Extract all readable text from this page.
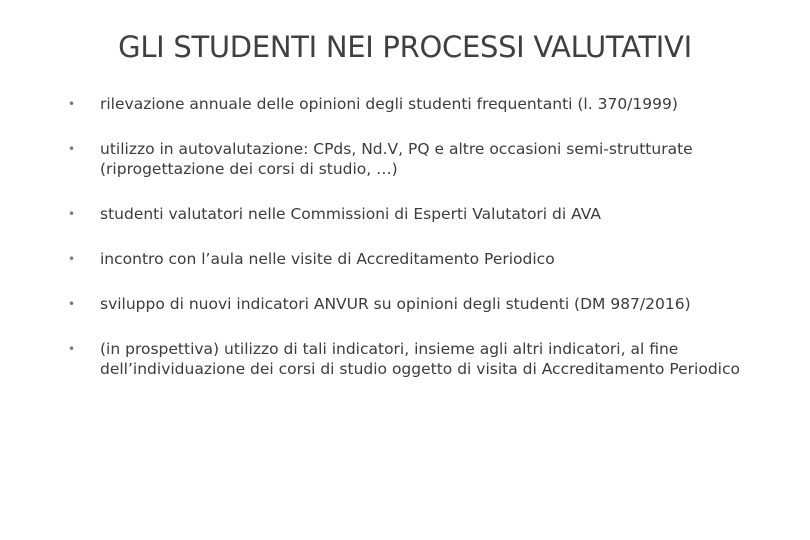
GLI STUDENTI NEI PROCESSI VALUTATIVI
• rilevazione annuale delle opinioni degli studenti frequentanti (l. 370/1999)
• utilizzo in autovalutazione: CPds, Nd.V, PQ e altre occasioni semi-strutturate (riprogettazione dei corsi di studio, …)
• studenti valutatori nelle Commissioni di Esperti Valutatori di AVA
• incontro con l’aula nelle visite di Accreditamento Periodico
• sviluppo di nuovi indicatori ANVUR su opinioni degli studenti (DM 987/2016)
• (in prospettiva) utilizzo di tali indicatori, insieme agli altri indicatori, al fine dell’individuazione dei corsi di studio oggetto di visita di Accreditamento Periodico
